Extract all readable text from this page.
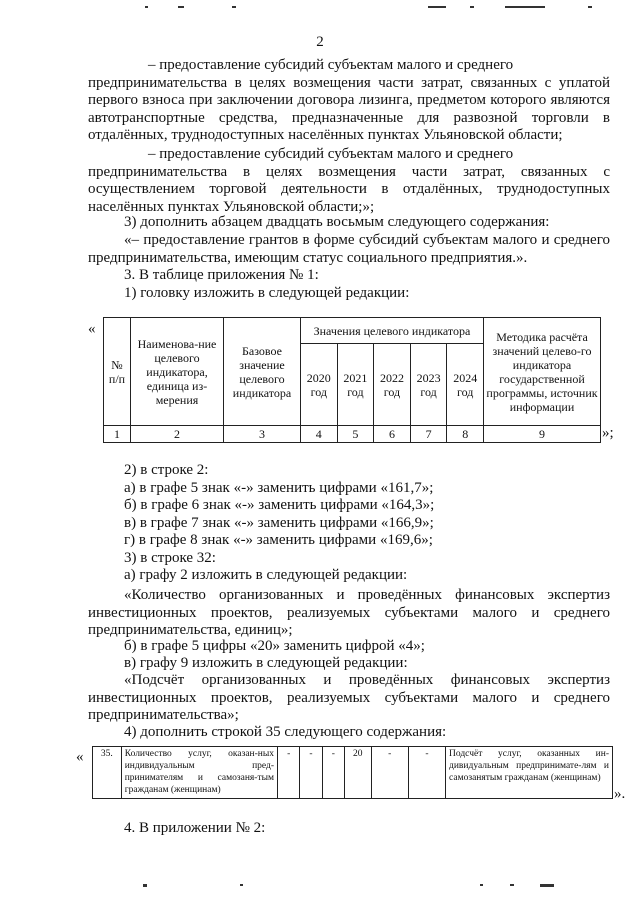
2
– предоставление субсидий субъектам малого и среднего
предпринимательства в целях возмещения части затрат, связанных с уплатой первого взноса при заключении договора лизинга, предметом которого являются автотранспортные средства, предназначенные для развозной торговли в отдалённых, труднодоступных населённых пунктах Ульяновской области;
– предоставление субсидий субъектам малого и среднего
предпринимательства в целях возмещения части затрат, связанных с осуществлением торговой деятельности в отдалённых, труднодоступных населённых пунктах Ульяновской области;»;
3) дополнить абзацем двадцать восьмым следующего содержания:
«– предоставление грантов в форме субсидий субъектам малого и среднего предпринимательства, имеющим статус социального предприятия.».
3. В таблице приложения № 1:
1) головку изложить в следующей редакции:
«
№ п/п	Наименова-ние целевого индикатора, единица из-мерения	Базовое значение целевого индикатора	Значения целевого индикатора					Методика расчёта значений целево-го индикатора государственной программы, источник информации
			2020 год	2021 год	2022 год	2023 год	2024 год	
1	2	3	4	5	6	7	8	9	»;
2) в строке 2:
а) в графе 5 знак «-» заменить цифрами «161,7»;
б) в графе 6 знак «-» заменить цифрами «164,3»;
в) в графе 7 знак «-» заменить цифрами «166,9»;
г) в графе 8 знак «-» заменить цифрами «169,6»;
3) в строке 32:
а) графу 2 изложить в следующей редакции:
«Количество организованных и проведённых финансовых экспертиз инвестиционных проектов, реализуемых субъектами малого и среднего предпринимательства, единиц»;
б) в графе 5 цифры «20» заменить цифрой «4»;
в) графу 9 изложить в следующей редакции:
«Подсчёт организованных и проведённых финансовых экспертиз инвестиционных проектов, реализуемых субъектами малого и среднего предпринимательства»;
4) дополнить строкой 35 следующего содержания:
« 35.	Количество услуг, оказан-ных индивидуальным пред-принимателям и самозаня-тым гражданам (женщинам)	-	-	-	20	-	-	Подсчёт услуг, оказанных ин-дивидуальным предпринимате-лям и самозанятым гражданам (женщинам)
».
4. В приложении № 2:
